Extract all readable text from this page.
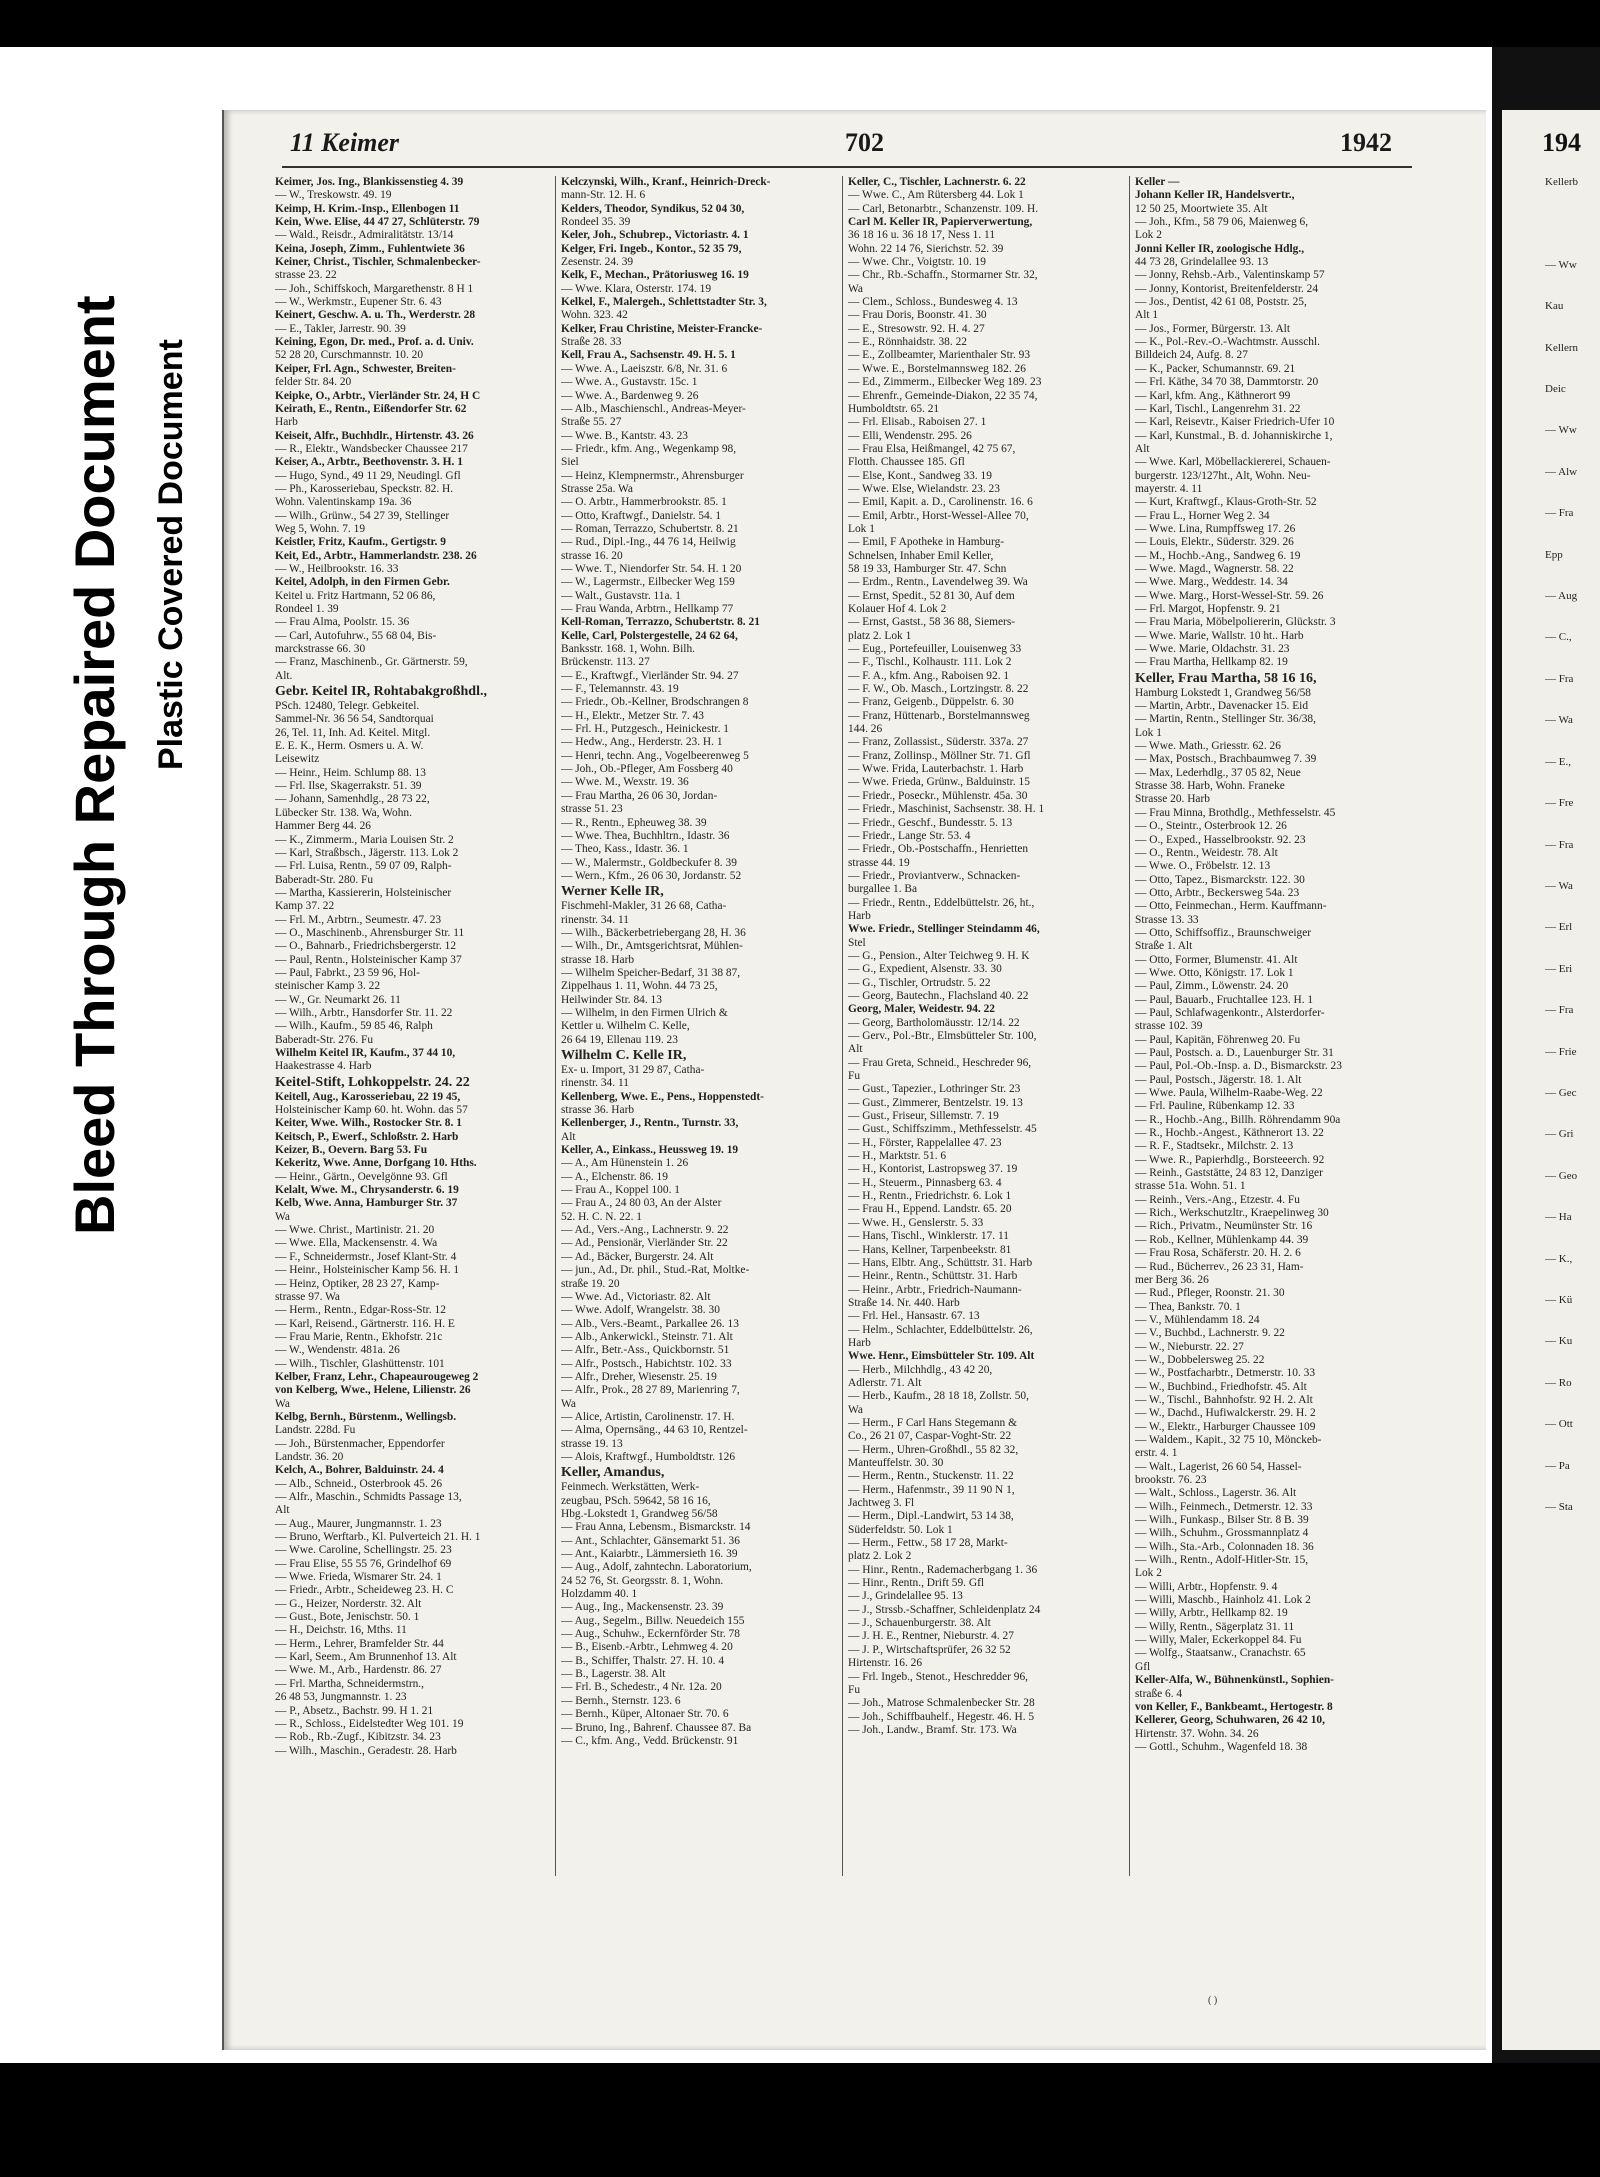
Bleed Through Repaired Document Plastic Covered Document
11 Keimer	702	1942	194
Keimer, Jos. Ing., Blankissenstieg 4. 39
— W., Treskowstr. 49. 19
Keimp, H. Krim.-Insp., Ellenbogen 11
Kein, Wwe. Elise, 44 47 27, Schlüterstr. 79
— Wald., Reisdr., Admiralitätstr. 13/14
Keina, Joseph, Zimm., Fuhlentwiete 36
Keiner, Christ., Tischler, Schmalenbecker-
strasse 23. 22
— Joh., Schiffskoch, Margarethenstr. 8 H 1
— W., Werkmstr., Eupener Str. 6. 43
Keinert, Geschw. A. u. Th., Werderstr. 28
— E., Takler, Jarrestr. 90. 39
Keining, Egon, Dr. med., Prof. a. d. Univ.
52 28 20, Curschmannstr. 10. 20
Keiper, Frl. Agn., Schwester, Breiten-
felder Str. 84. 20
Keipke, O., Arbtr., Vierländer Str. 24, H C
Keirath, E., Rentn., Eißendorfer Str. 62
Harb
Keiseit, Alfr., Buchhdlr., Hirtenstr. 43. 26
— R., Elektr., Wandsbecker Chaussee 217
Keiser, A., Arbtr., Beethovenstr. 3. H. 1
— Hugo, Synd., 49 11 29, Neudingl. Gfl
— Ph., Karosseriebau, Speckstr. 82. H.
Wohn. Valentinskamp 19a. 36
— Wilh., Grünw., 54 27 39, Stellinger
Weg 5, Wohn. 7. 19
Keistler, Fritz, Kaufm., Gertigstr. 9
Keit, Ed., Arbtr., Hammerlandstr. 238. 26
— W., Heilbrookstr. 16. 33
Keitel, Adolph, in den Firmen Gebr.
Keitel u. Fritz Hartmann, 52 06 86,
Rondeel 1. 39
— Frau Alma, Poolstr. 15. 36
— Carl, Autofuhrw., 55 68 04, Bis-
marckstrasse 66. 30
— Franz, Maschinenb., Gr. Gärtnerstr. 59,
Alt.
Gebr. Keitel IR, Rohtabakgroßhdl.,
PSch. 12480, Telegr. Gebkeitel.
Sammel-Nr. 36 56 54, Sandtorquai
26, Tel. 11, Inh. Ad. Keitel. Mitgl.
E. E. K., Herm. Osmers u. A. W.
Leisewitz
— Heinr., Heim. Schlump 88. 13
— Frl. Ilse, Skagerrakstr. 51. 39
— Johann, Samenhdlg., 28 73 22,
Lübecker Str. 138. Wa, Wohn.
Hammer Berg 44. 26
— K., Zimmerm., Maria Louisen Str. 2
— Karl, Straßbsch., Jägerstr. 113. Lok 2
— Frl. Luisa, Rentn., 59 07 09, Ralph-
Baberadt-Str. 280. Fu
— Martha, Kassiererin, Holsteinischer
Kamp 37. 22
— Frl. M., Arbtrn., Seumestr. 47. 23
— O., Maschinenb., Ahrensburger Str. 11
— O., Bahnarb., Friedrichsbergerstr. 12
— Paul, Rentn., Holsteinischer Kamp 37
— Paul, Fabrkt., 23 59 96, Hol-
steinischer Kamp 3. 22
— W., Gr. Neumarkt 26. 11
— Wilh., Arbtr., Hansdorfer Str. 11. 22
— Wilh., Kaufm., 59 85 46, Ralph
Baberadt-Str. 276. Fu
Wilhelm Keitel IR, Kaufm., 37 44 10,
Haakestrasse 4. Harb
Keitel-Stift, Lohkoppelstr. 24. 22
Keitell, Aug., Karosseriebau, 22 19 45,
Holsteinischer Kamp 60. ht. Wohn. das 57
Keiter, Wwe. Wilh., Rostocker Str. 8. 1
Keitsch, P., Ewerf., Schloßstr. 2. Harb
Keizer, B., Oevern. Barg 53. Fu
Kekeritz, Wwe. Anne, Dorfgang 10. Hths.
— Heinr., Gärtn., Oevelgönne 93. Gfl
Kelalt, Wwe. M., Chrysanderstr. 6. 19
Kelb, Wwe. Anna, Hamburger Str. 37
Wa
— Wwe. Christ., Martinistr. 21. 20
— Wwe. Ella, Mackensenstr. 4. Wa
— F., Schneidermstr., Josef Klant-Str. 4
— Heinr., Holsteinischer Kamp 56. H. 1
— Heinz, Optiker, 28 23 27, Kamp-
strasse 97. Wa
— Herm., Rentn., Edgar-Ross-Str. 12
— Karl, Reisend., Gärtnerstr. 116. H. E
— Frau Marie, Rentn., Ekhofstr. 21c
— W., Wendenstr. 481a. 26
— Wilh., Tischler, Glashüttenstr. 101
Kelber, Franz, Lehr., Chapeaurougeweg 2
von Kelberg, Wwe., Helene, Lilienstr. 26
Wa
Kelbg, Bernh., Bürstenm., Wellingsb.
Landstr. 228d. Fu
— Joh., Bürstenmacher, Eppendorfer
Landstr. 36. 20
Kelch, A., Bohrer, Balduinstr. 24. 4
— Alb., Schneid., Osterbrook 45. 26
— Alfr., Maschin., Schmidts Passage 13,
Alt
— Aug., Maurer, Jungmannstr. 1. 23
— Bruno, Werftarb., Kl. Pulverteich 21. H. 1
— Wwe. Caroline, Schellingstr. 25. 23
— Frau Elise, 55 55 76, Grindelhof 69
— Wwe. Frieda, Wismarer Str. 24. 1
— Friedr., Arbtr., Scheideweg 23. H. C
— G., Heizer, Norderstr. 32. Alt
— Gust., Bote, Jenischstr. 50. 1
— H., Deichstr. 16, Mths. 11
— Herm., Lehrer, Bramfelder Str. 44
— Karl, Seem., Am Brunnenhof 13. Alt
— Wwe. M., Arb., Hardenstr. 86. 27
— Frl. Martha, Schneidermstrn.,
26 48 53, Jungmannstr. 1. 23
— P., Absetz., Bachstr. 99. H 1. 21
— R., Schloss., Eidelstedter Weg 101. 19
— Rob., Rb.-Zugf., Kibitzstr. 34. 23
— Wilh., Maschin., Geradestr. 28. Harb
Kelczynski, Wilh., Kranf., Heinrich-Dreck-
mann-Str. 12. H. 6
Kelders, Theodor, Syndikus, 52 04 30,
Rondeel 35. 39
Keler, Joh., Schubrep., Victoriastr. 4. 1
Kelger, Fri. Ingeb., Kontor., 52 35 79,
Zesenstr. 24. 39
Kelk, F., Mechan., Prätoriusweg 16. 19
— Wwe. Klara, Osterstr. 174. 19
Kelkel, F., Malergeh., Schlettstadter Str. 3,
Wohn. 323. 42
Kelker, Frau Christine, Meister-Francke-
Straße 28. 33
Kell, Frau A., Sachsenstr. 49. H. 5. 1
— Wwe. A., Laeiszstr. 6/8, Nr. 31. 6
— Wwe. A., Gustavstr. 15c. 1
— Wwe. A., Bardenweg 9. 26
— Alb., Maschienschl., Andreas-Meyer-
Straße 55. 27
— Wwe. B., Kantstr. 43. 23
— Friedr., kfm. Ang., Wegenkamp 98,
Siel
— Heinz, Klempnermstr., Ahrensburger
Strasse 25a. Wa
— O. Arbtr., Hammerbrookstr. 85. 1
— Otto, Kraftwgf., Danielstr. 54. 1
— Roman, Terrazzo, Schubertstr. 8. 21
— Rud., Dipl.-Ing., 44 76 14, Heilwig
strasse 16. 20
— Wwe. T., Niendorfer Str. 54. H. 1 20
— W., Lagermstr., Eilbecker Weg 159
— Walt., Gustavstr. 11a. 1
— Frau Wanda, Arbtrn., Hellkamp 77
Kell-Roman, Terrazzo, Schubertstr. 8. 21
Kelle, Carl, Polstergestelle, 24 62 64,
Banksstr. 168. 1, Wohn. Bilh.
Brückenstr. 113. 27
— E., Kraftwgf., Vierländer Str. 94. 27
— F., Telemannstr. 43. 19
— Friedr., Ob.-Kellner, Brodschrangen 8
— H., Elektr., Metzer Str. 7. 43
— Frl. H., Putzgesch., Heinickestr. 1
— Hedw., Ang., Herderstr. 23. H. 1
— Henri, techn. Ang., Vogelbeerenweg 5
— Joh., Ob.-Pfleger, Am Fossberg 40
— Wwe. M., Wexstr. 19. 36
— Frau Martha, 26 06 30, Jordan-
strasse 51. 23
— R., Rentn., Epheuweg 38. 39
— Wwe. Thea, Buchhltrn., Idastr. 36
— Theo, Kass., Idastr. 36. 1
— W., Malermstr., Goldbeckufer 8. 39
— Wern., Kfm., 26 06 30, Jordanstr. 52
Werner Kelle IR,
Fischmehl-Makler, 31 26 68, Catha-
rinenstr. 34. 11
— Wilh., Bäckerbetriebergang 28, H. 36
— Wilh., Dr., Amtsgerichtsrat, Mühlen-
strasse 18. Harb
— Wilhelm Speicher-Bedarf, 31 38 87,
Zippelhaus 1. 11, Wohn. 44 73 25,
Heilwinder Str. 84. 13
— Wilhelm, in den Firmen Ulrich &
Kettler u. Wilhelm C. Kelle,
26 64 19, Ellenau 119. 23
Wilhelm C. Kelle IR,
Ex- u. Import, 31 29 87, Catha-
rinenstr. 34. 11
Kellenberg, Wwe. E., Pens., Hoppenstedt-
strasse 36. Harb
Kellenberger, J., Rentn., Turnstr. 33,
Alt
Keller, A., Einkass., Heussweg 19. 19
— A., Am Hünenstein 1. 26
— A., Elchenstr. 86. 19
— Frau A., Koppel 100. 1
— Frau A., 24 80 03, An der Alster
52. H. C. N. 22. 1
— Ad., Vers.-Ang., Lachnerstr. 9. 22
— Ad., Pensionär, Vierländer Str. 22
— Ad., Bäcker, Burgerstr. 24. Alt
— jun., Ad., Dr. phil., Stud.-Rat, Moltke-
straße 19. 20
— Wwe. Ad., Victoriastr. 82. Alt
— Wwe. Adolf, Wrangelstr. 38. 30
— Alb., Vers.-Beamt., Parkallee 26. 13
— Alb., Ankerwickl., Steinstr. 71. Alt
— Alfr., Betr.-Ass., Quickbornstr. 51
— Alfr., Postsch., Habichtstr. 102. 33
— Alfr., Dreher, Wiesenstr. 25. 19
— Alfr., Prok., 28 27 89, Marienring 7,
Wa
— Alice, Artistin, Carolinenstr. 17. H.
— Alma, Opernsäng., 44 63 10, Rentzel-
strasse 19. 13
— Alois, Kraftwgf., Humboldtstr. 126
Keller, Amandus,
Feinmech. Werkstätten, Werk-
zeugbau, PSch. 59642, 58 16 16,
Hbg.-Lokstedt 1, Grandweg 56/58
— Frau Anna, Lebensm., Bismarckstr. 14
— Ant., Schlachter, Gänsemarkt 51. 36
— Ant., Kaiarbtr., Lämmersieth 16. 39
— Aug., Adolf, zahntechn. Laboratorium,
24 52 76, St. Georgsstr. 8. 1, Wohn.
Holzdamm 40. 1
— Aug., Ing., Mackensenstr. 23. 39
— Aug., Segelm., Billw. Neuedeich 155
— Aug., Schuhw., Eckernförder Str. 78
— B., Eisenb.-Arbtr., Lehmweg 4. 20
— B., Schiffer, Thalstr. 27. H. 10. 4
— B., Lagerstr. 38. Alt
— Frl. B., Schedestr., 4 Nr. 12a. 20
— Bernh., Sternstr. 123. 6
— Bernh., Küper, Altonaer Str. 70. 6
— Bruno, Ing., Bahrenf. Chaussee 87. Ba
— C., kfm. Ang., Vedd. Brückenstr. 91
Keller, C., Tischler, Lachnerstr. 6. 22
— Wwe. C., Am Rütersberg 44. Lok 1
— Carl, Betonarbtr., Schanzenstr. 109. H.
Carl M. Keller IR, Papierverwertung,
36 18 16 u. 36 18 17, Ness 1. 11
Wohn. 22 14 76, Sierichstr. 52. 39
— Wwe. Chr., Voigtstr. 10. 19
— Chr., Rb.-Schaffn., Stormarner Str. 32,
Wa
— Clem., Schloss., Bundesweg 4. 13
— Frau Doris, Boonstr. 41. 30
— E., Stresowstr. 92. H. 4. 27
— E., Rönnhaidstr. 38. 22
— E., Zollbeamter, Marienthaler Str. 93
— Wwe. E., Borstelmannsweg 182. 26
— Ed., Zimmerm., Eilbecker Weg 189. 23
— Ehrenfr., Gemeinde-Diakon, 22 35 74,
Humboldtstr. 65. 21
— Frl. Elisab., Raboisen 27. 1
— Elli, Wendenstr. 295. 26
— Frau Elsa, Heißmangel, 42 75 67,
Flotth. Chaussee 185. Gfl
— Else, Kont., Sandweg 33. 19
— Wwe. Else, Wielandstr. 23. 23
— Emil, Kapit. a. D., Carolinenstr. 16. 6
— Emil, Arbtr., Horst-Wessel-Allee 70,
Lok 1
— Emil, F Apotheke in Hamburg-
Schnelsen, Inhaber Emil Keller,
58 19 33, Hamburger Str. 47. Schn
— Erdm., Rentn., Lavendelweg 39. Wa
— Ernst, Spedit., 52 81 30, Auf dem
Kolauer Hof 4. Lok 2
— Ernst, Gastst., 58 36 88, Siemers-
platz 2. Lok 1
— Eug., Portefeuiller, Louisenweg 33
— F., Tischl., Kolhaustr. 111. Lok 2
— F. A., kfm. Ang., Raboisen 92. 1
— F. W., Ob. Masch., Lortzingstr. 8. 22
— Franz, Geigenb., Düppelstr. 6. 30
— Franz, Hüttenarb., Borstelmannsweg
144. 26
— Franz, Zollassist., Süderstr. 337a. 27
— Franz, Zollinsp., Möllner Str. 71. Gfl
— Wwe. Frida, Lauterbachstr. 1. Harb
— Wwe. Frieda, Grünw., Balduinstr. 15
— Friedr., Poseckr., Mühlenstr. 45a. 30
— Friedr., Maschinist, Sachsenstr. 38. H. 1
— Friedr., Geschf., Bundesstr. 5. 13
— Friedr., Lange Str. 53. 4
— Friedr., Ob.-Postschaffn., Henrietten
strasse 44. 19
— Friedr., Proviantverw., Schnacken-
burgallee 1. Ba
— Friedr., Rentn., Eddelbüttelstr. 26, ht.,
Harb
Wwe. Friedr., Stellinger Steindamm 46,
Stel
— G., Pension., Alter Teichweg 9. H. K
— G., Expedient, Alsenstr. 33. 30
— G., Tischler, Ortrudstr. 5. 22
— Georg, Bautechn., Flachsland 40. 22
Georg, Maler, Weidestr. 94. 22
— Georg, Bartholomäusstr. 12/14. 22
— Gerv., Pol.-Btr., Elmsbütteler Str. 100,
Alt
— Frau Greta, Schneid., Heschreder 96,
Fu
— Gust., Tapezier., Lothringer Str. 23
— Gust., Zimmerer, Bentzelstr. 19. 13
— Gust., Friseur, Sillemstr. 7. 19
— Gust., Schiffszimm., Methfesselstr. 45
— H., Förster, Rappelallee 47. 23
— H., Marktstr. 51. 6
— H., Kontorist, Lastropsweg 37. 19
— H., Steuerm., Pinnasberg 63. 4
— H., Rentn., Friedrichstr. 6. Lok 1
— Frau H., Eppend. Landstr. 65. 20
— Wwe. H., Genslerstr. 5. 33
— Hans, Tischl., Winklerstr. 17. 11
— Hans, Kellner, Tarpenbeekstr. 81
— Hans, Elbtr. Ang., Schüttstr. 31. Harb
— Heinr., Rentn., Schüttstr. 31. Harb
— Heinr., Arbtr., Friedrich-Naumann-
Straße 14. Nr. 440. Harb
— Frl. Hel., Hansastr. 67. 13
— Helm., Schlachter, Eddelbüttelstr. 26,
Harb
Wwe. Henr., Eimsbütteler Str. 109. Alt
— Herb., Milchhdlg., 43 42 20,
Adlerstr. 71. Alt
— Herb., Kaufm., 28 18 18, Zollstr. 50,
Wa
— Herm., F Carl Hans Stegemann &
Co., 26 21 07, Caspar-Voght-Str. 22
— Herm., Uhren-Großhdl., 55 82 32,
Manteuffelstr. 30. 30
— Herm., Rentn., Stuckenstr. 11. 22
— Herm., Hafenmstr., 39 11 90 N 1,
Jachtweg 3. Fl
— Herm., Dipl.-Landwirt, 53 14 38,
Süderfeldstr. 50. Lok 1
— Herm., Fettw., 58 17 28, Markt-
platz 2. Lok 2
— Hinr., Rentn., Rademacherbgang 1. 36
— Hinr., Rentn., Drift 59. Gfl
— J., Grindelallee 95. 13
— J., Strssb.-Schaffner, Schleidenplatz 24
— J., Schauenburgerstr. 38. Alt
— J. H. E., Rentner, Nieburstr. 4. 27
— J. P., Wirtschaftsprüfer, 26 32 52
Hirtenstr. 16. 26
— Frl. Ingeb., Stenot., Heschredder 96,
Fu
— Joh., Matrose Schmalenbecker Str. 28
— Joh., Schiffbauhelf., Hegestr. 46. H. 5
— Joh., Landw., Bramf. Str. 173. Wa
Keller —
Johann Keller IR, Handelsvertr.,
12 50 25, Moortwiete 35. Alt
— Joh., Kfm., 58 79 06, Maienweg 6,
Lok 2
Jonni Keller IR, zoologische Hdlg.,
44 73 28, Grindelallee 93. 13
— Jonny, Rehsb.-Arb., Valentinskamp 57
— Jonny, Kontorist, Breitenfelderstr. 24
— Jos., Dentist, 42 61 08, Poststr. 25,
Alt 1
— Jos., Former, Bürgerstr. 13. Alt
— K., Pol.-Rev.-O.-Wachtmstr. Ausschl.
Billdeich 24, Aufg. 8. 27
— K., Packer, Schumannstr. 69. 21
— Frl. Käthe, 34 70 38, Dammtorstr. 20
— Karl, kfm. Ang., Käthnerort 99
— Karl, Tischl., Langenrehm 31. 22
— Karl, Reisevtr., Kaiser Friedrich-Ufer 10
— Karl, Kunstmal., B. d. Johanniskirche 1,
Alt
— Wwe. Karl, Möbellackiererei, Schauen-
burgerstr. 123/127ht., Alt, Wohn. Neu-
mayerstr. 4. 11
— Kurt, Kraftwgf., Klaus-Groth-Str. 52
— Frau L., Horner Weg 2. 34
— Wwe. Lina, Rumpffsweg 17. 26
— Louis, Elektr., Süderstr. 329. 26
— M., Hochb.-Ang., Sandweg 6. 19
— Wwe. Magd., Wagnerstr. 58. 22
— Wwe. Marg., Weddestr. 14. 34
— Wwe. Marg., Horst-Wessel-Str. 59. 26
— Frl. Margot, Hopfenstr. 9. 21
— Frau Maria, Möbelpoliererin, Glückstr. 3
— Wwe. Marie, Wallstr. 10 ht.. Harb
— Wwe. Marie, Oldachstr. 31. 23
— Frau Martha, Hellkamp 82. 19
Keller, Frau Martha, 58 16 16,
Hamburg Lokstedt 1, Grandweg 56/58
— Martin, Arbtr., Davenacker 15. Eid
— Martin, Rentn., Stellinger Str. 36/38,
Lok 1
— Wwe. Math., Griesstr. 62. 26
— Max, Postsch., Brachbaumweg 7. 39
— Max, Lederhdlg., 37 05 82, Neue
Strasse 38. Harb, Wohn. Franeke
Strasse 20. Harb
— Frau Minna, Brothdlg., Methfesselstr. 45
— O., Steintr., Osterbrook 12. 26
— O., Exped., Hasselbrookstr. 92. 23
— O., Rentn., Weidestr. 78. Alt
— Wwe. O., Fröbelstr. 12. 13
— Otto, Tapez., Bismarckstr. 122. 30
— Otto, Arbtr., Beckersweg 54a. 23
— Otto, Feinmechan., Herm. Kauffmann-
Strasse 13. 33
— Otto, Schiffsoffiz., Braunschweiger
Straße 1. Alt
— Otto, Former, Blumenstr. 41. Alt
— Wwe. Otto, Königstr. 17. Lok 1
— Paul, Zimm., Löwenstr. 24. 20
— Paul, Bauarb., Fruchtallee 123. H. 1
— Paul, Schlafwagenkontr., Alsterdorfer-
strasse 102. 39
— Paul, Kapitän, Föhrenweg 20. Fu
— Paul, Postsch. a. D., Lauenburger Str. 31
— Paul, Pol.-Ob.-Insp. a. D., Bismarckstr. 23
— Paul, Postsch., Jägerstr. 18. 1. Alt
— Wwe. Paula, Wilhelm-Raabe-Weg. 22
— Frl. Pauline, Rübenkamp 12. 33
— R., Hochb.-Ang., Billh. Röhrendamm 90a
— R., Hochb.-Angest., Käthnerort 13. 22
— R. F., Stadtsekr., Milchstr. 2. 13
— Wwe. R., Papierhdlg., Borsteeerch. 92
— Reinh., Gaststätte, 24 83 12, Danziger
strasse 51a. Wohn. 51. 1
— Reinh., Vers.-Ang., Etzestr. 4. Fu
— Rich., Werkschutzltr., Kraepelinweg 30
— Rich., Privatm., Neumünster Str. 16
— Rob., Kellner, Mühlenkamp 44. 39
— Frau Rosa, Schäferstr. 20. H. 2. 6
— Rud., Bücherrev., 26 23 31, Ham-
mer Berg 36. 26
— Rud., Pfleger, Roonstr. 21. 30
— Thea, Bankstr. 70. 1
— V., Mühlendamm 18. 24
— V., Buchbd., Lachnerstr. 9. 22
— W., Nieburstr. 22. 27
— W., Dobbelersweg 25. 22
— W., Postfacharbtr., Detmerstr. 10. 33
— W., Buchbind., Friedhofstr. 45. Alt
— W., Tischl., Bahnhofstr. 92 H. 2. Alt
— W., Dachd., Hufiwalckerstr. 29. H. 2
— W., Elektr., Harburger Chaussee 109
— Waldem., Kapit., 32 75 10, Mönckeb-
erstr. 4. 1
— Walt., Lagerist, 26 60 54, Hassel-
brookstr. 76. 23
— Walt., Schloss., Lagerstr. 36. Alt
— Wilh., Feinmech., Detmerstr. 12. 33
— Wilh., Funkasp., Bilser Str. 8 B. 39
— Wilh., Schuhm., Grossmannplatz 4
— Wilh., Sta.-Arb., Colonnaden 18. 36
— Wilh., Rentn., Adolf-Hitler-Str. 15,
Lok 2
— Willi, Arbtr., Hopfenstr. 9. 4
— Willi, Maschb., Hainholz 41. Lok 2
— Willy, Arbtr., Hellkamp 82. 19
— Willy, Rentn., Sägerplatz 31. 11
— Willy, Maler, Eckerkoppel 84. Fu
— Wolfg., Staatsanw., Cranachstr. 65
Gfl
Keller-Alfa, W., Bühnenkünstl., Sophien-
straße 6. 4
von Keller, F., Bankbeamt., Hertogestr. 8
Kellerer, Georg, Schuhwaren, 26 42 10,
Hirtenstr. 37. Wohn. 34. 26
— Gottl., Schuhm., Wagenfeld 18. 38
Kellerb

— Ww
Kau
Kellern
Deic
— Ww
— Alw
— Fra
Epp
— Aug
— C.,
— Fra
— Wa
— E.,
— Fre
— Fra
— Wa
— Erl
— Eri
— Fra
— Frie
— Gec
— Gri
— Geo
— Ha
— K.,
— Kü
— Ku
— Ro
— Ott
— Pa
— Sta
( )
